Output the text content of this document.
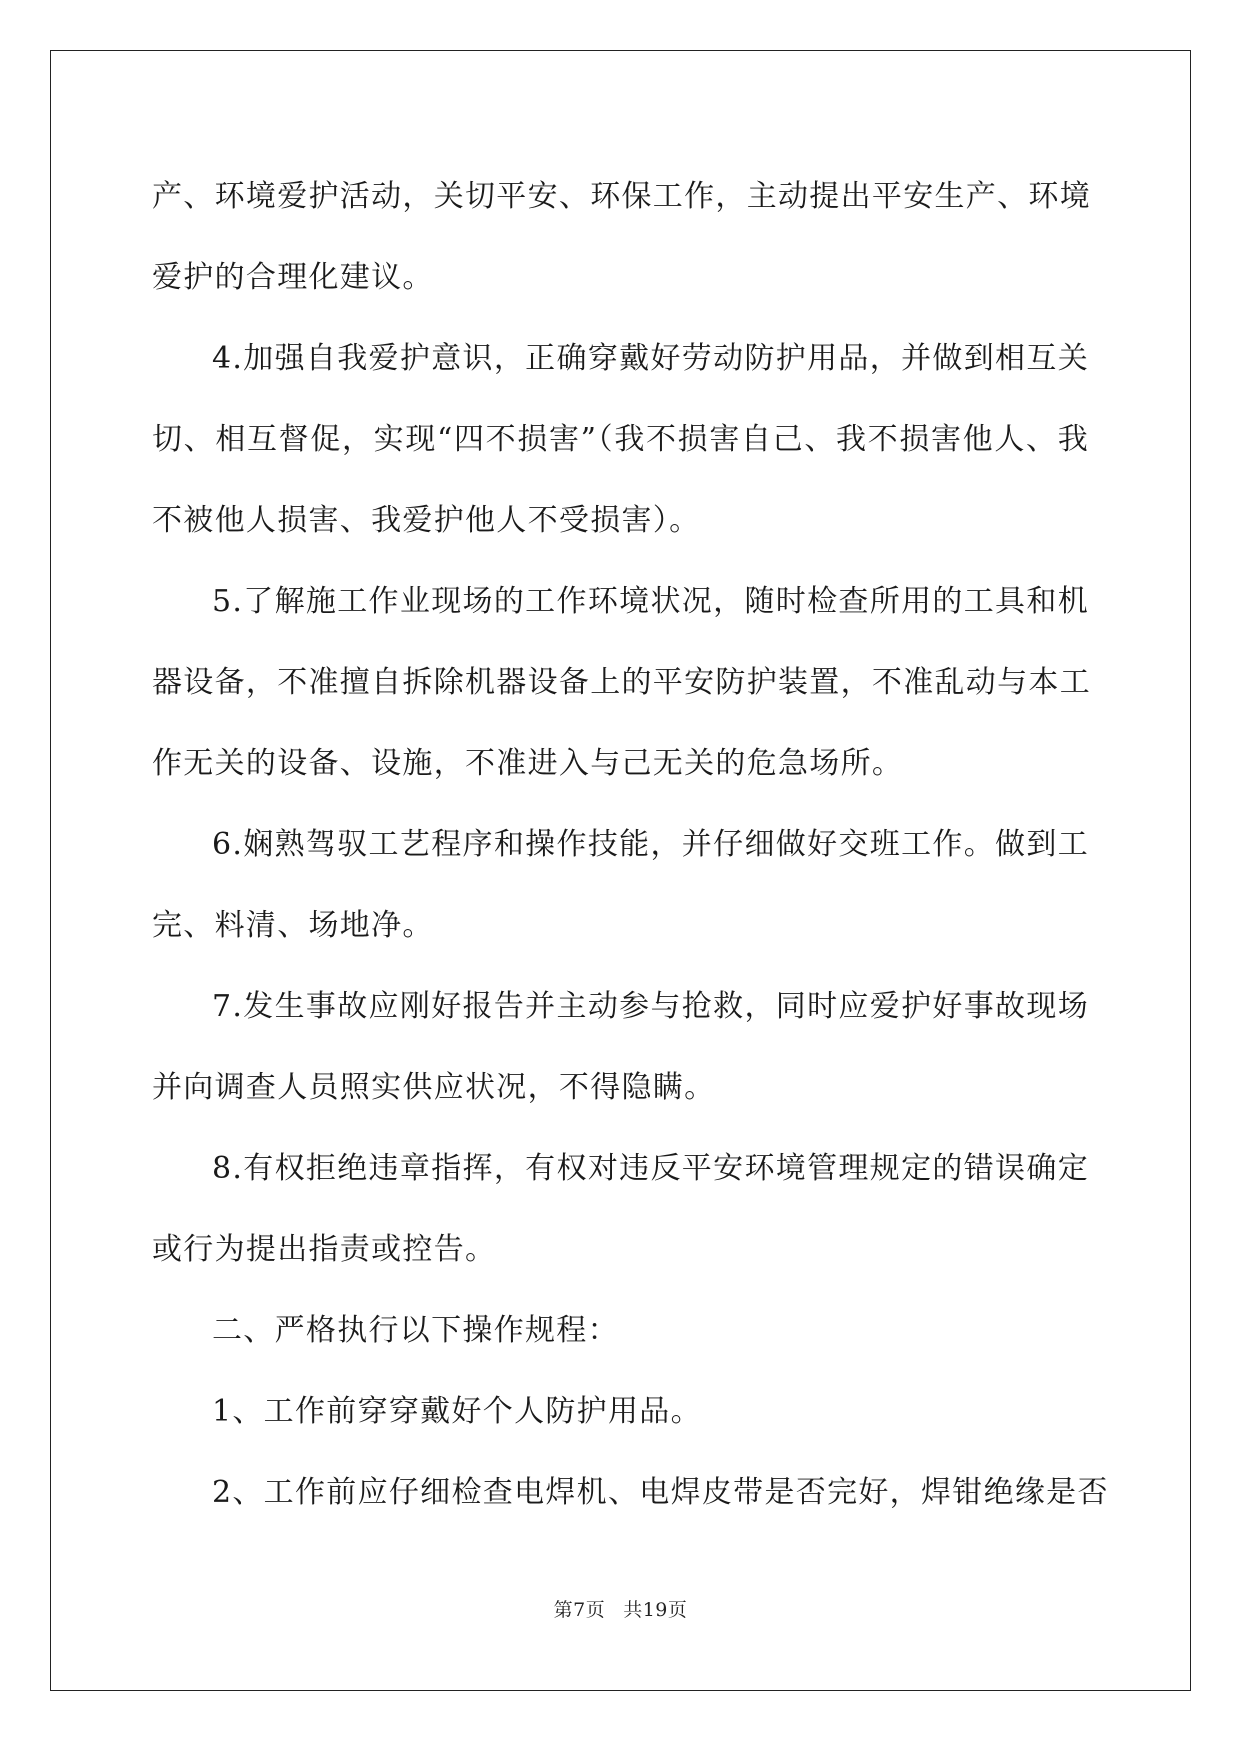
产、环境爱护活动，关切平安、环保工作，主动提出平安生产、环境
爱护的合理化建议。
4.加强自我爱护意识，正确穿戴好劳动防护用品，并做到相互关
切、相互督促，实现“四不损害”（我不损害自己、我不损害他人、我
不被他人损害、我爱护他人不受损害）。
5.了解施工作业现场的工作环境状况，随时检查所用的工具和机
器设备，不准擅自拆除机器设备上的平安防护装置，不准乱动与本工
作无关的设备、设施，不准进入与己无关的危急场所。
6.娴熟驾驭工艺程序和操作技能，并仔细做好交班工作。做到工
完、料清、场地净。
7.发生事故应刚好报告并主动参与抢救，同时应爱护好事故现场
并向调查人员照实供应状况，不得隐瞒。
8.有权拒绝违章指挥，有权对违反平安环境管理规定的错误确定
或行为提出指责或控告。
二、严格执行以下操作规程：
1、工作前穿穿戴好个人防护用品。
2、工作前应仔细检查电焊机、电焊皮带是否完好，焊钳绝缘是否
第7页 共19页
